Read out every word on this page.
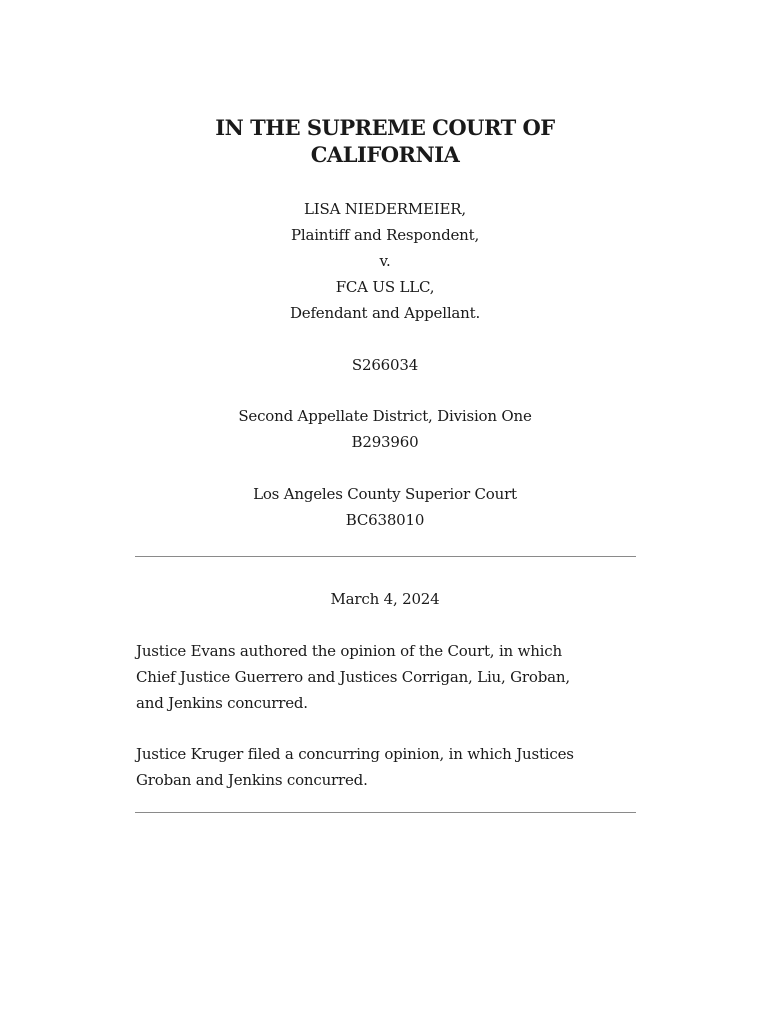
IN THE SUPREME COURT OF
CALIFORNIA
LISA NIEDERMEIER,
Plaintiff and Respondent,
v.
FCA US LLC,
Defendant and Appellant.
S266034
Second Appellate District, Division One
B293960
Los Angeles County Superior Court
BC638010
March 4, 2024
Justice Evans authored the opinion of the Court, in which
Chief Justice Guerrero and Justices Corrigan, Liu, Groban,
and Jenkins concurred.
Justice Kruger filed a concurring opinion, in which Justices
Groban and Jenkins concurred.
